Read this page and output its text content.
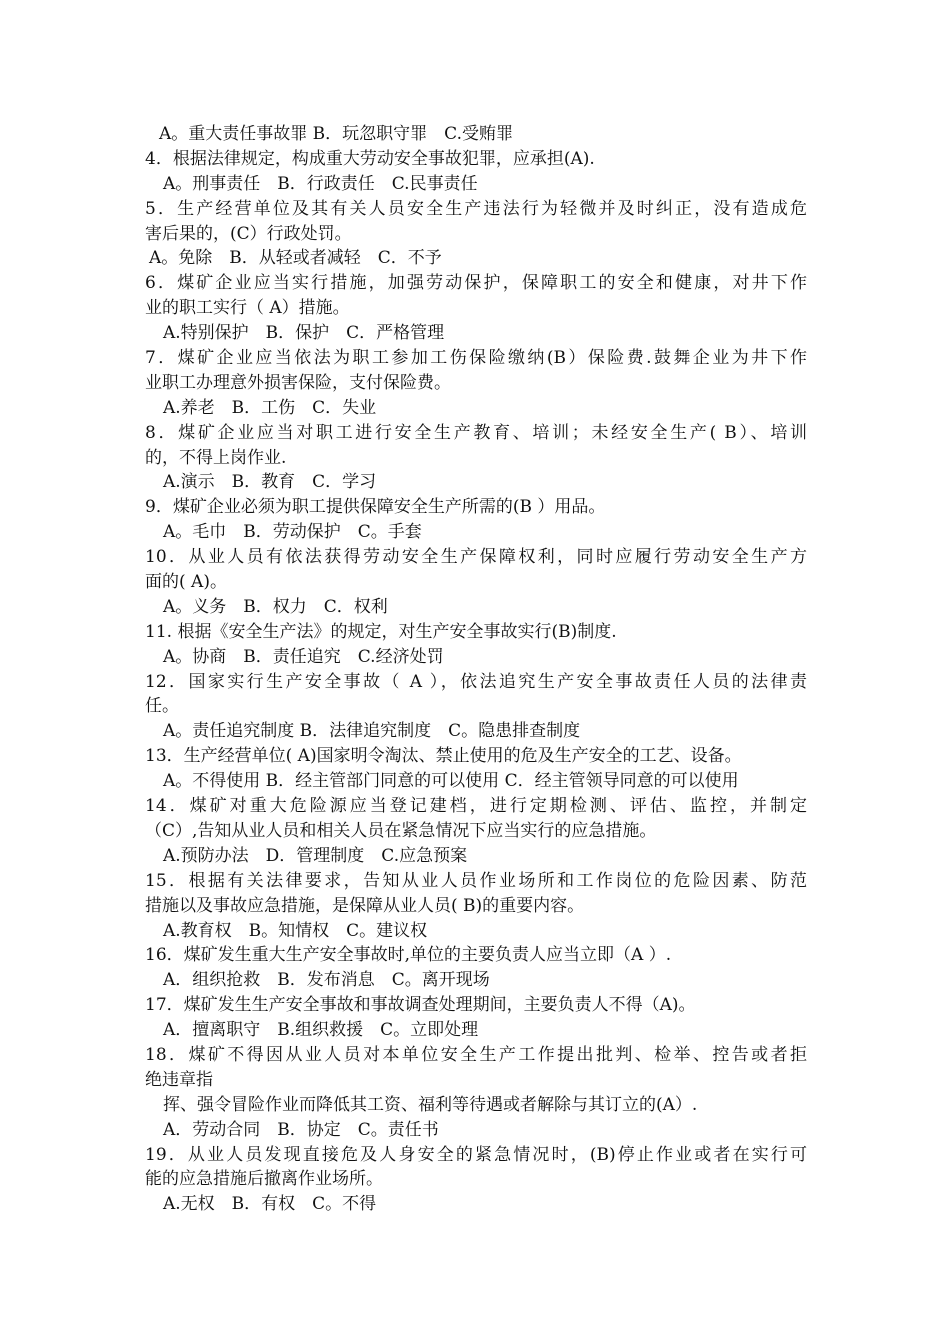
A。重大责任事故罪 B．玩忽职守罪　C.受贿罪
4．根据法律规定，构成重大劳动安全事故犯罪，应承担(A).
A。刑事责任　B．行政责任　C.民事责任
5．生产经营单位及其有关人员安全生产违法行为轻微并及时纠正，没有造成危
害后果的，(C）行政处罚。
A。免除　B．从轻或者减轻　C．不予
6．煤矿企业应当实行措施，加强劳动保护，保障职工的安全和健康，对井下作
业的职工实行（ A）措施。
A.特别保护　B．保护　C．严格管理
7．煤矿企业应当依法为职工参加工伤保险缴纳(B）保险费.鼓舞企业为井下作
业职工办理意外损害保险，支付保险费。
A.养老　B．工伤　C．失业
8．煤矿企业应当对职工进行安全生产教育、培训；未经安全生产( B）、培训
的，不得上岗作业.
A.演示　B．教育　C．学习
9．煤矿企业必须为职工提供保障安全生产所需的(B ）用品。
A。毛巾　B．劳动保护　C。手套
10．从业人员有依法获得劳动安全生产保障权利，同时应履行劳动安全生产方
面的( A)。
A。义务　B．权力　C．权利
11. 根据《安全生产法》的规定，对生产安全事故实行(B)制度.
A。协商　B．责任追究　C.经济处罚
12．国家实行生产安全事故（ A ），依法追究生产安全事故责任人员的法律责
任。
A。责任追究制度 B．法律追究制度　C。隐患排查制度
13．生产经营单位( A)国家明令淘汰、禁止使用的危及生产安全的工艺、设备。
A。不得使用 B．经主管部门同意的可以使用 C．经主管领导同意的可以使用
14．煤矿对重大危险源应当登记建档，进行定期检测、评估、监控，并制定
（C）,告知从业人员和相关人员在紧急情况下应当实行的应急措施。
A.预防办法　D．管理制度　C.应急预案
15．根据有关法律要求，告知从业人员作业场所和工作岗位的危险因素、防范
措施以及事故应急措施，是保障从业人员( B)的重要内容。
A.教育权　B。知情权　C。建议权
16．煤矿发生重大生产安全事故时,单位的主要负责人应当立即（A ）.
A．组织抢救　B．发布消息　C。离开现场
17．煤矿发生生产安全事故和事故调查处理期间，主要负责人不得（A)。
A．擅离职守　B.组织救援　C。立即处理
18．煤矿不得因从业人员对本单位安全生产工作提出批判、检举、控告或者拒
绝违章指
挥、强令冒险作业而降低其工资、福利等待遇或者解除与其订立的(A）.
A．劳动合同　B．协定　C。责任书
19．从业人员发现直接危及人身安全的紧急情况时，(B)停止作业或者在实行可
能的应急措施后撤离作业场所。
A.无权　B．有权　C。不得
